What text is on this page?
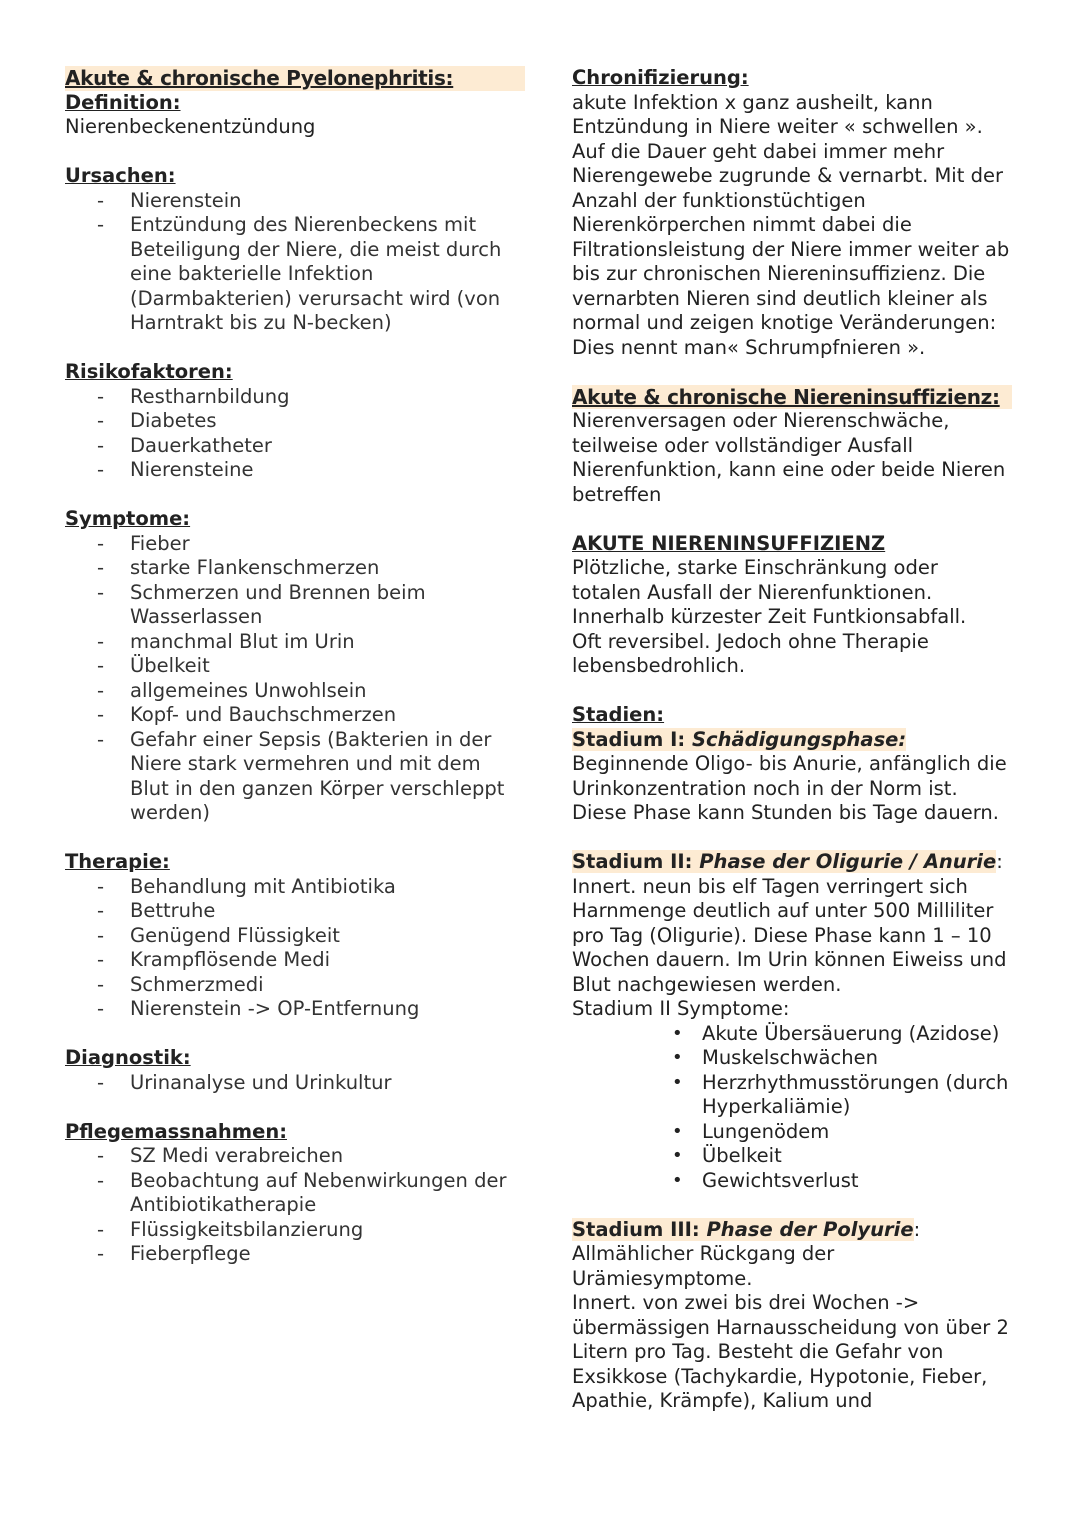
Akute & chronische Pyelonephritis:
Definition:

Nierenbeckenentzündung

Ursachen:
- Nierenstein
- Entzündung des Nierenbeckens mit Beteiligung der Niere, die meist durch eine bakterielle Infektion (Darmbakterien) verursacht wird (von Harntrakt bis zu N-becken)
Risikofaktoren:
- Restharnbildung
- Diabetes
- Dauerkatheter
- Nierensteine
Symptome:
- Fieber
- starke Flankenschmerzen
- Schmerzen und Brennen beim Wasserlassen
- manchmal Blut im Urin
- Übelkeit
- allgemeines Unwohlsein
- Kopf- und Bauchschmerzen
- Gefahr einer Sepsis (Bakterien in der Niere stark vermehren und mit dem Blut in den ganzen Körper verschleppt werden)
Therapie:
- Behandlung mit Antibiotika
- Bettruhe
- Genügend Flüssigkeit
- Krampflösende Medi
- Schmerzmedi
- Nierenstein -> OP-Entfernung
Diagnostik:
- Urinanalyse und Urinkultur
Pflegemassnahmen:
- SZ Medi verabreichen
- Beobachtung auf Nebenwirkungen der Antibiotikatherapie
- Flüssigkeitsbilanzierung
- Fieberpflege
Chronifizierung:

akute Infektion x ganz ausheilt, kann Entzündung in Niere weiter « schwellen ». Auf die Dauer geht dabei immer mehr Nierengewebe zugrunde & vernarbt. Mit der Anzahl der funktionstüchtigen Nierenkörperchen nimmt dabei die Filtrationsleistung der Niere immer weiter ab bis zur chronischen Niereninsuffizienz. Die vernarbten Nieren sind deutlich kleiner als normal und zeigen knotige Veränderungen: Dies nennt man« Schrumpfnieren ».

Akute & chronische Niereninsuffizienz:

Nierenversagen oder Nierenschwäche, teilweise oder vollständiger Ausfall Nierenfunktion, kann eine oder beide Nieren betreffen

AKUTE NIERENINSUFFIZIENZ

Plötzliche, starke Einschränkung oder totalen Ausfall der Nierenfunktionen. Innerhalb kürzester Zeit Funtkionsabfall.

Oft reversibel. Jedoch ohne Therapie lebensbedrohlich.

Stadien:
Stadium I: Schädigungsphase:

Beginnende Oligo- bis Anurie, anfänglich die Urinkonzentration noch in der Norm ist. Diese Phase kann Stunden bis Tage dauern.

Stadium II: Phase der Oligurie / Anurie:

Innert. neun bis elf Tagen verringert sich Harnmenge deutlich auf unter 500 Milliliter pro Tag (Oligurie). Diese Phase kann 1 – 10 Wochen dauern. Im Urin können Eiweiss und Blut nachgewiesen werden.

Stadium II Symptome:

• Akute Übersäuerung (Azidose)
• Muskelschwächen
• Herzrhythmusstörungen (durch Hyperkaliämie)
• Lungenödem
• Übelkeit
• Gewichtsverlust
Stadium III: Phase der Polyurie:

Allmählicher Rückgang der Urämiesymptome.

Innert. von zwei bis drei Wochen -> übermässigen Harnausscheidung von über 2 Litern pro Tag. Besteht die Gefahr von Exsikkose (Tachykardie, Hypotonie, Fieber, Apathie, Krämpfe), Kalium und
